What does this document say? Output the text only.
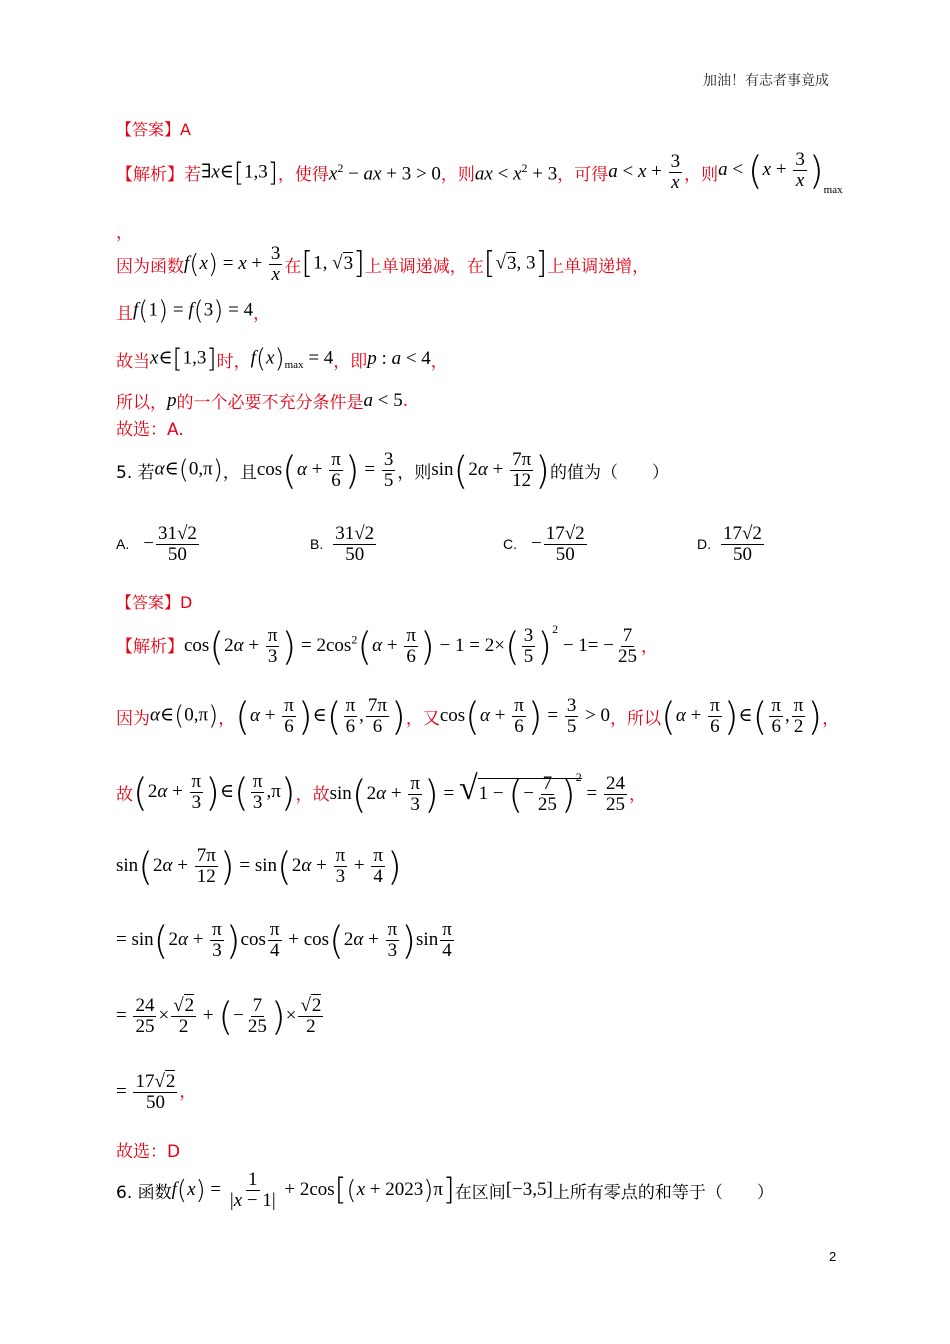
加油！有志者事竟成
【答案】A
【解析】 若 ∃x∈[1,3] ，使得 $x^2$ − ax + 3 > 0 ，则 ax < $x^2 + 3$ ，可得 $a < x + \frac{3}{x}$ ，则 $a < (x + \frac{3}{x} )_{max}$
，
因为函数 $f(x) = x + \frac{3}{x}$ 在 [1, √3] 上单调递减，在 [√3, 3] 上单调递增，
且 f(1) = f(3) = 4 ，
故当 x∈[1,3] 时， $f(x)_{max} = 4$ ，即 p : a < 4 ，
所以， p 的一个必要不充分条件是 a < 5 .
故选：A.
5. 若 α∈(0,π) ，且 $\cos(\alpha + \frac{\pi}{6}$ ) = $\frac{3}{5}$ ，则 $\sin(2\alpha + \frac{7\pi}{12}$ ) 的值为（　　）
A. − $\frac{31√2}{50}$	B. $\frac{31√2}{50}$	C. − $\frac{17√2}{50}$	D. $\frac{17√2}{50}$
【答案】D
【解析】 $\cos(2\alpha + \frac{\pi}{3}$ ) = $2\cos^2(\alpha + \frac{\pi}{6}$ ) − $1 = 2\times( \frac{3}{5} )^2 - 1= - \frac{7}{25}$ ，
因为 α∈(0,π) ， ($\alpha + \frac{\pi}{6}$ )∈( $\frac{\pi}{6}$ , $\frac{7\pi}{6}$ ) ，又 $\cos(\alpha + \frac{\pi}{6}$ ) = $\frac{3}{5} > 0$ ，所以 ($\alpha + \frac{\pi}{6}$ )∈( $\frac{\pi}{6}$ , $\frac{\pi}{2}$ ) ，
故 ($2\alpha + \frac{\pi}{3}$ )∈( $\frac{\pi}{3} ,\pi$) ，故 $\sin(2\alpha + \frac{\pi}{3}$ ) = √1 − (− $\frac{7}{25} )^2 = \frac{24}{25}$ ，
$\sin(2\alpha + \frac{7\pi}{12}$ ) = $\sin(2\alpha + \frac{\pi}{3} + \frac{\pi}{4}$ )
= $\sin(2\alpha + \frac{\pi}{3} )\cos \frac{\pi}{4} + \cos(2\alpha + \frac{\pi}{3} )\sin \frac{\pi}{4}$
= $\frac{24}{25} \times \frac{√2}{2}$ + (− $\frac{7}{25}$ )× $\frac{√2}{2}$
= $\frac{17√2}{50}$ ，
故选：D
6. 函数 $f(x) = \frac{1}{|x - 1|} + 2\cos[(x + 2023)\pi]$ 在区间 [−3,5] 上所有零点的和等于（　　）
2
